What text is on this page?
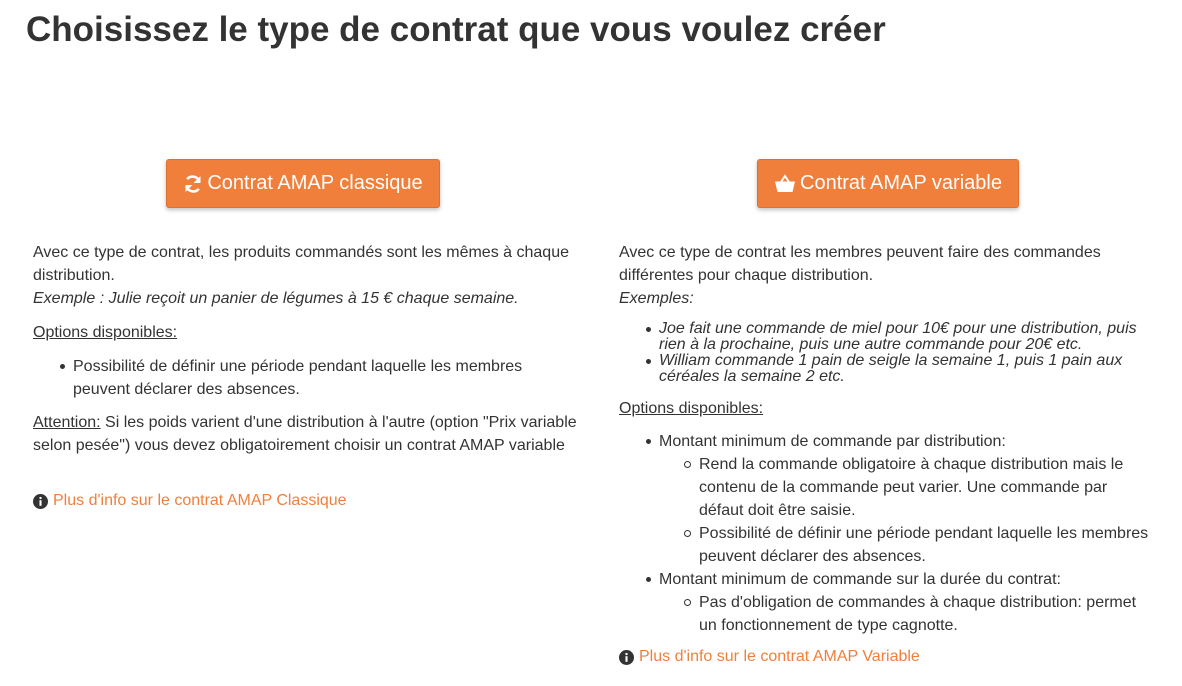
Choisissez le type de contrat que vous voulez créer
Contrat AMAP classique	Contrat AMAP variable

Avec ce type de contrat, les produits commandés sont les mêmes à chaque distribution.

Exemple : Julie reçoit un panier de légumes à 15 € chaque semaine.

Options disponibles:

Possibilité de définir une période pendant laquelle les membres peuvent déclarer des absences.

Attention: Si les poids varient d'une distribution à l'autre (option "Prix variable selon pesée") vous devez obligatoirement choisir un contrat AMAP variable

Plus d'info sur le contrat AMAP Classique

Avec ce type de contrat les membres peuvent faire des commandes différentes pour chaque distribution.

Exemples:

Joe fait une commande de miel pour 10€ pour une distribution, puis rien à la prochaine, puis une autre commande pour 20€ etc.
William commande 1 pain de seigle la semaine 1, puis 1 pain aux céréales la semaine 2 etc.

Options disponibles:

Montant minimum de commande par distribution:
Rend la commande obligatoire à chaque distribution mais le contenu de la commande peut varier. Une commande par défaut doit être saisie.
Possibilité de définir une période pendant laquelle les membres peuvent déclarer des absences.
Montant minimum de commande sur la durée du contrat:
Pas d'obligation de commandes à chaque distribution: permet un fonctionnement de type cagnotte.
Plus d'info sur le contrat AMAP Variable
